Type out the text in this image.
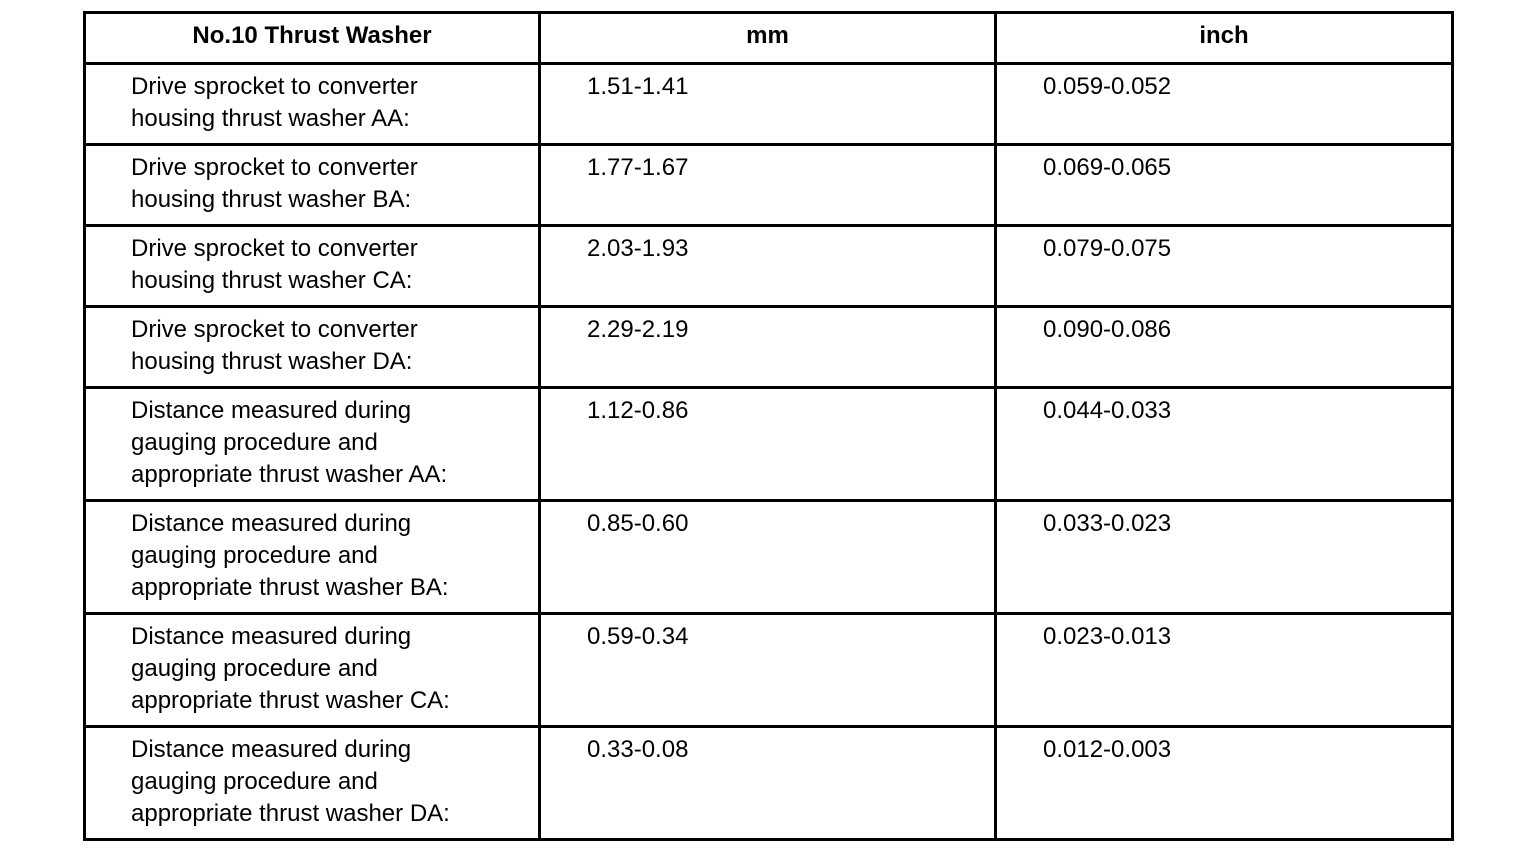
No.10 Thrust Washer	mm	inch

Drive sprocket to converter
housing thrust washer AA:	1.51-1.41	0.059-0.052

Drive sprocket to converter
housing thrust washer BA:	1.77-1.67	0.069-0.065

Drive sprocket to converter
housing thrust washer CA:	2.03-1.93	0.079-0.075

Drive sprocket to converter
housing thrust washer DA:	2.29-2.19	0.090-0.086

Distance measured during
gauging procedure and
appropriate thrust washer AA:	1.12-0.86	0.044-0.033

Distance measured during
gauging procedure and
appropriate thrust washer BA:	0.85-0.60	0.033-0.023

Distance measured during
gauging procedure and
appropriate thrust washer CA:	0.59-0.34	0.023-0.013

Distance measured during
gauging procedure and
appropriate thrust washer DA:	0.33-0.08	0.012-0.003
